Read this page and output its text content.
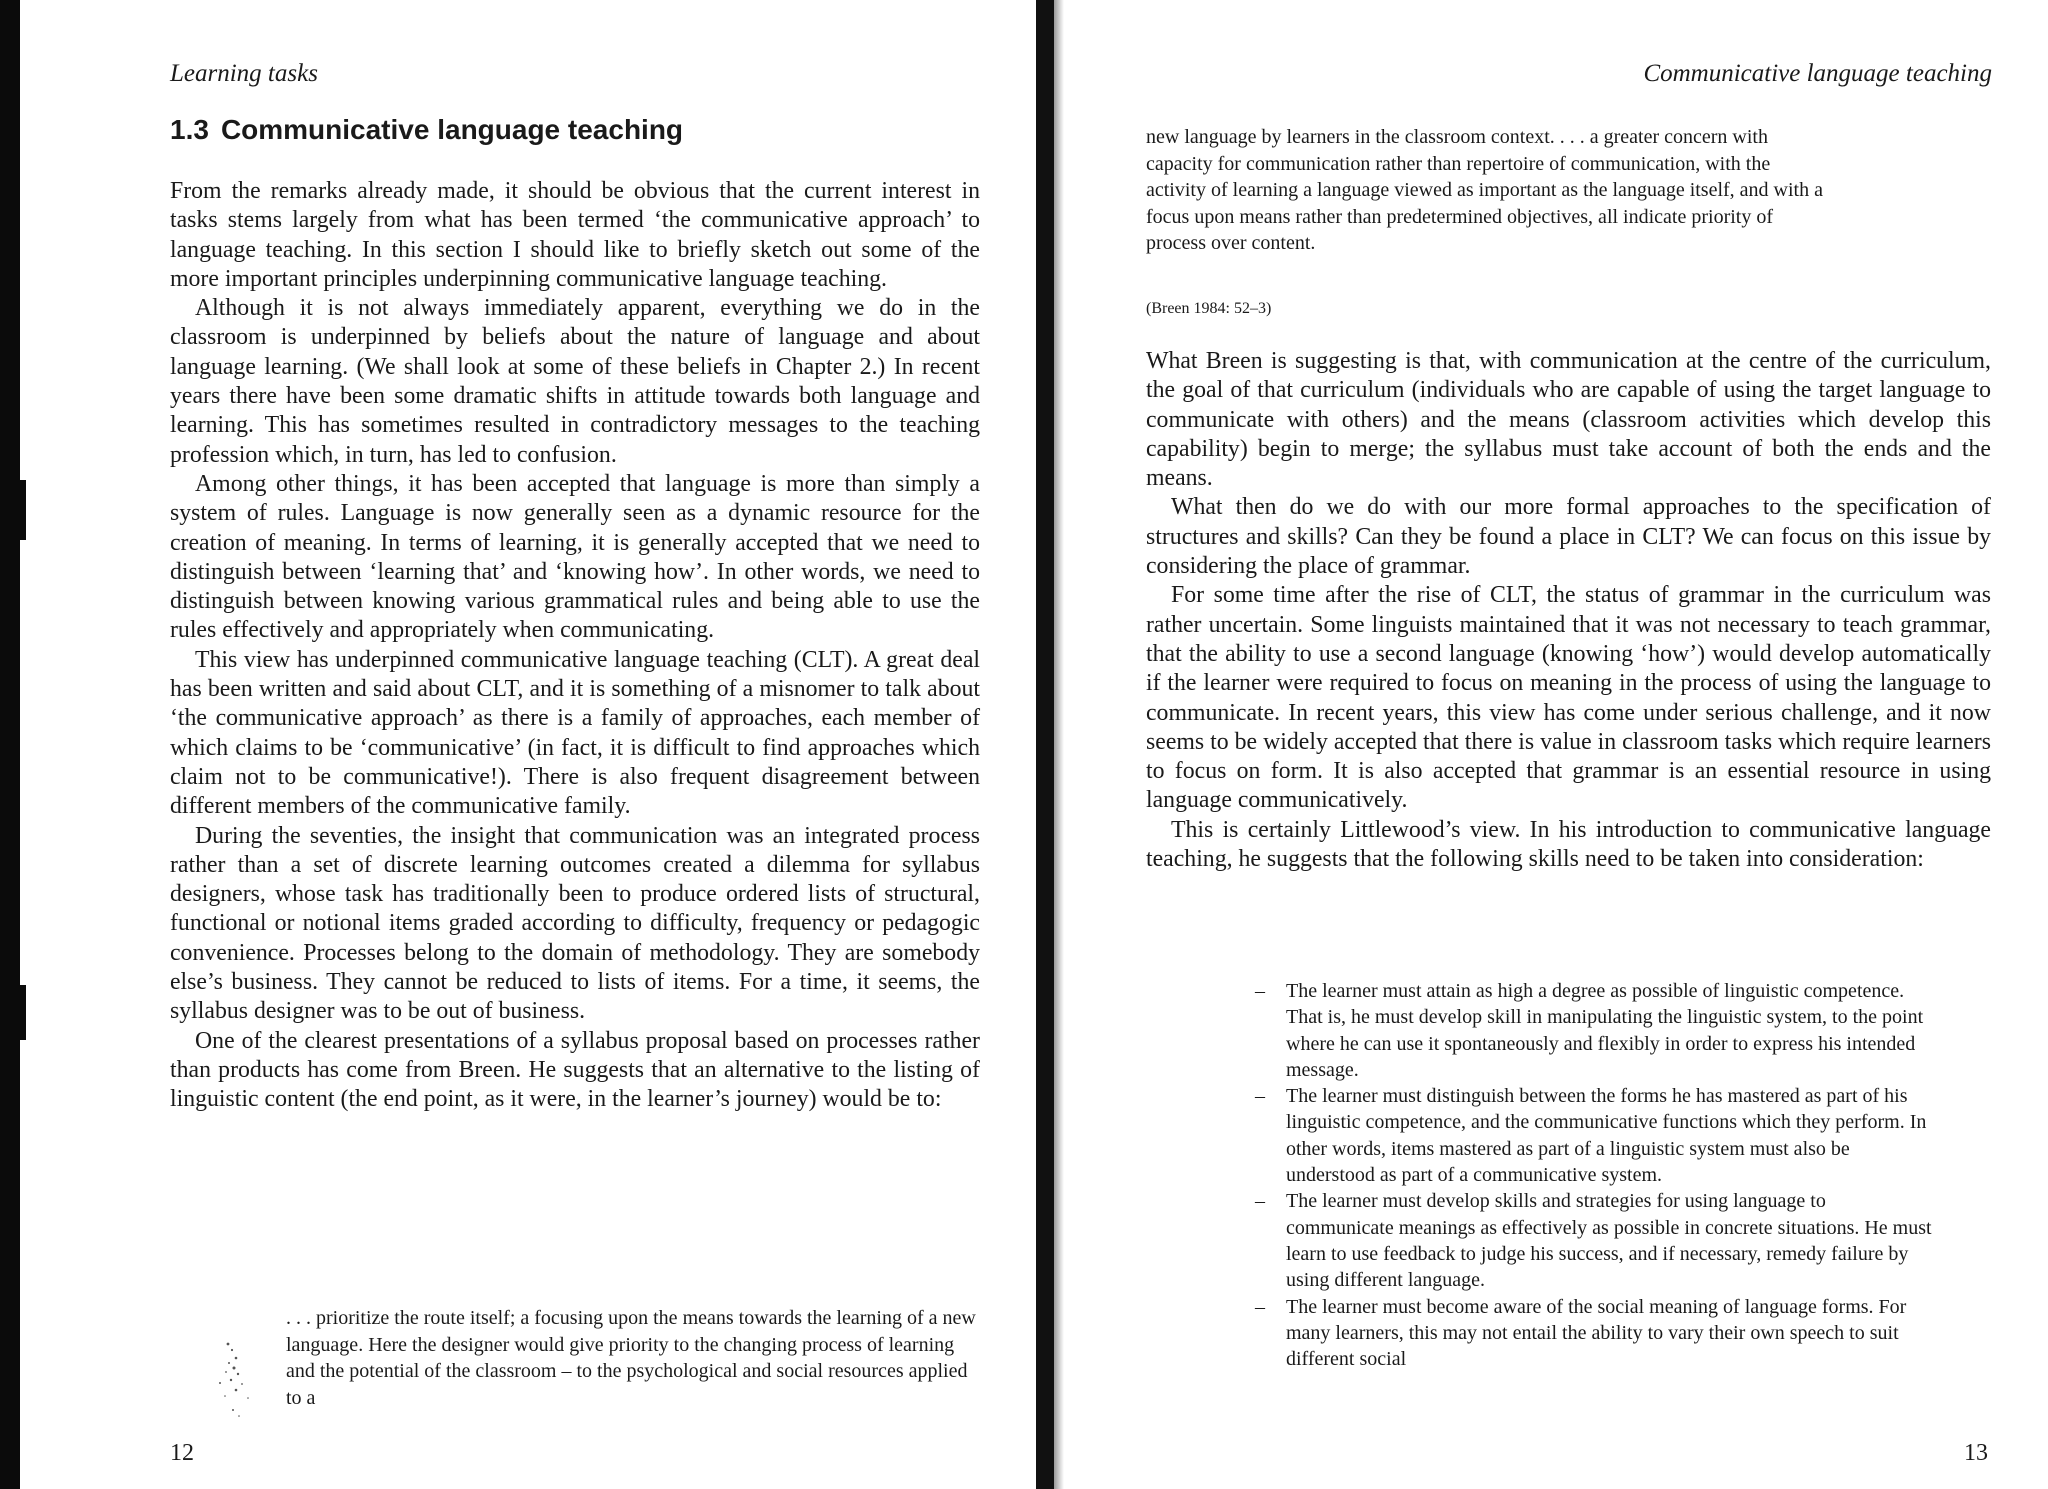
Learning tasks
1.3 Communicative language teaching

From the remarks already made, it should be obvious that the current interest in tasks stems largely from what has been termed ‘the communicative approach’ to language teaching. In this section I should like to briefly sketch out some of the more important principles underpinning communicative language teaching.

Although it is not always immediately apparent, everything we do in the classroom is underpinned by beliefs about the nature of language and about language learning. (We shall look at some of these beliefs in Chapter 2.) In recent years there have been some dramatic shifts in attitude towards both language and learning. This has sometimes resulted in contradictory messages to the teaching profession which, in turn, has led to confusion.

Among other things, it has been accepted that language is more than simply a system of rules. Language is now generally seen as a dynamic resource for the creation of meaning. In terms of learning, it is generally accepted that we need to distinguish between ‘learning that’ and ‘knowing how’. In other words, we need to distinguish between knowing various grammatical rules and being able to use the rules effectively and appropriately when communicating.

This view has underpinned communicative language teaching (CLT). A great deal has been written and said about CLT, and it is something of a misnomer to talk about ‘the communicative approach’ as there is a family of approaches, each member of which claims to be ‘communicative’ (in fact, it is difficult to find approaches which claim not to be communicative!). There is also frequent disagreement between different members of the communicative family.

During the seventies, the insight that communication was an integrated process rather than a set of discrete learning outcomes created a dilemma for syllabus designers, whose task has traditionally been to produce ordered lists of structural, functional or notional items graded according to difficulty, frequency or pedagogic convenience. Processes belong to the domain of methodology. They are somebody else’s business. They cannot be reduced to lists of items. For a time, it seems, the syllabus designer was to be out of business.

One of the clearest presentations of a syllabus proposal based on processes rather than products has come from Breen. He suggests that an alternative to the listing of linguistic content (the end point, as it were, in the learner’s journey) would be to:

. . . prioritize the route itself; a focusing upon the means towards the learning of a new language. Here the designer would give priority to the changing process of learning and the potential of the classroom – to the psychological and social resources applied to a

12
Communicative language teaching

new language by learners in the classroom context. . . . a greater concern with capacity for communication rather than repertoire of communication, with the activity of learning a language viewed as important as the language itself, and with a focus upon means rather than predetermined objectives, all indicate priority of process over content.

(Breen 1984: 52–3)

What Breen is suggesting is that, with communication at the centre of the curriculum, the goal of that curriculum (individuals who are capable of using the target language to communicate with others) and the means (classroom activities which develop this capability) begin to merge; the syllabus must take account of both the ends and the means.

What then do we do with our more formal approaches to the specification of structures and skills? Can they be found a place in CLT? We can focus on this issue by considering the place of grammar.

For some time after the rise of CLT, the status of grammar in the curriculum was rather uncertain. Some linguists maintained that it was not necessary to teach grammar, that the ability to use a second language (knowing ‘how’) would develop automatically if the learner were required to focus on meaning in the process of using the language to communicate. In recent years, this view has come under serious challenge, and it now seems to be widely accepted that there is value in classroom tasks which require learners to focus on form. It is also accepted that grammar is an essential resource in using language communicatively.

This is certainly Littlewood’s view. In his introduction to communicative language teaching, he suggests that the following skills need to be taken into consideration:

– The learner must attain as high a degree as possible of linguistic competence. That is, he must develop skill in manipulating the linguistic system, to the point where he can use it spontaneously and flexibly in order to express his intended message.
– The learner must distinguish between the forms he has mastered as part of his linguistic competence, and the communicative functions which they perform. In other words, items mastered as part of a linguistic system must also be understood as part of a communicative system.
– The learner must develop skills and strategies for using language to communicate meanings as effectively as possible in concrete situations. He must learn to use feedback to judge his success, and if necessary, remedy failure by using different language.
– The learner must become aware of the social meaning of language forms. For many learners, this may not entail the ability to vary their own speech to suit different social
13
